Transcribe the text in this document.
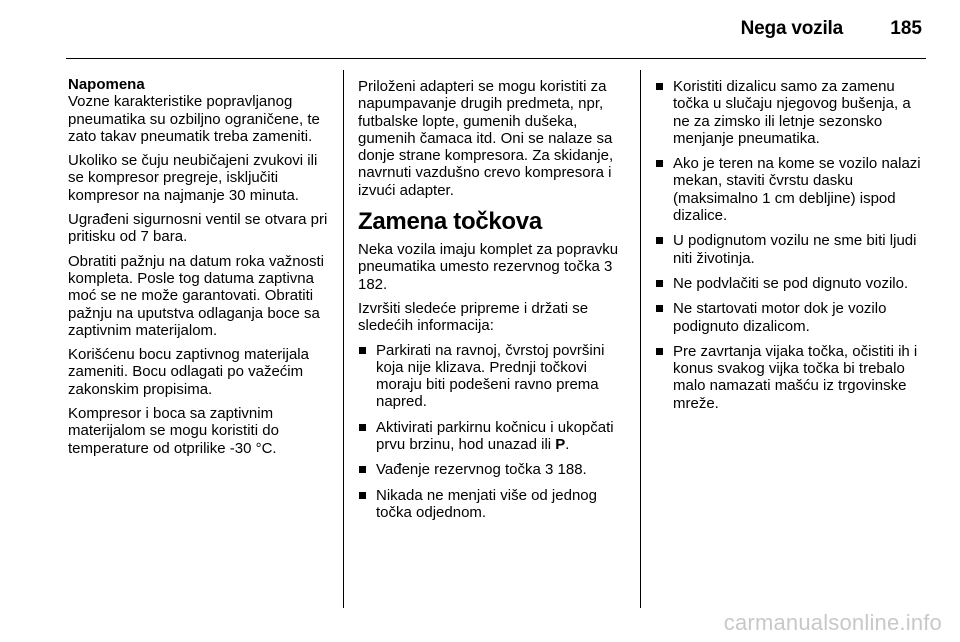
Nega vozila 185
Napomena

Vozne karakteristike popravljanog pneumatika su ozbiljno ograničene, te zato takav pneumatik treba zameniti.

Ukoliko se čuju neubičajeni zvukovi ili se kompresor pregreje, isključiti kompresor na najmanje 30 minuta.

Ugrađeni sigurnosni ventil se otvara pri pritisku od 7 bara.

Obratiti pažnju na datum roka važnosti kompleta. Posle tog datuma zaptivna moć se ne može garantovati. Obratiti pažnju na uputstva odlaganja boce sa zaptivnim materijalom.

Korišćenu bocu zaptivnog materijala zameniti. Bocu odlagati po važećim zakonskim propisima.

Kompresor i boca sa zaptivnim materijalom se mogu koristiti do temperature od otprilike -30 °C.

Priloženi adapteri se mogu koristiti za napumpavanje drugih predmeta, npr, futbalske lopte, gumenih dušeka, gumenih čamaca itd. Oni se nalaze sa donje strane kompresora. Za skidanje, navrnuti vazdušno crevo kompresora i izvući adapter.

Zamena točkova

Neka vozila imaju komplet za popravku pneumatika umesto rezervnog točka 3 182.

Izvršiti sledeće pripreme i držati se sledećih informacija:

Parkirati na ravnoj, čvrstoj površini koja nije klizava. Prednji točkovi moraju biti podešeni ravno prema napred.
Aktivirati parkirnu kočnicu i ukopčati prvu brzinu, hod unazad ili P.
Vađenje rezervnog točka 3 188.
Nikada ne menjati više od jednog točka odjednom.
Koristiti dizalicu samo za zamenu točka u slučaju njegovog bušenja, a ne za zimsko ili letnje sezonsko menjanje pneumatika.
Ako je teren na kome se vozilo nalazi mekan, staviti čvrstu dasku (maksimalno 1 cm debljine) ispod dizalice.
U podignutom vozilu ne sme biti ljudi niti životinja.
Ne podvlačiti se pod dignuto vozilo.
Ne startovati motor dok je vozilo podignuto dizalicom.
Pre zavrtanja vijaka točka, očistiti ih i konus svakog vijka točka bi trebalo malo namazati mašću iz trgovinske mreže.
carmanualsonline.info
